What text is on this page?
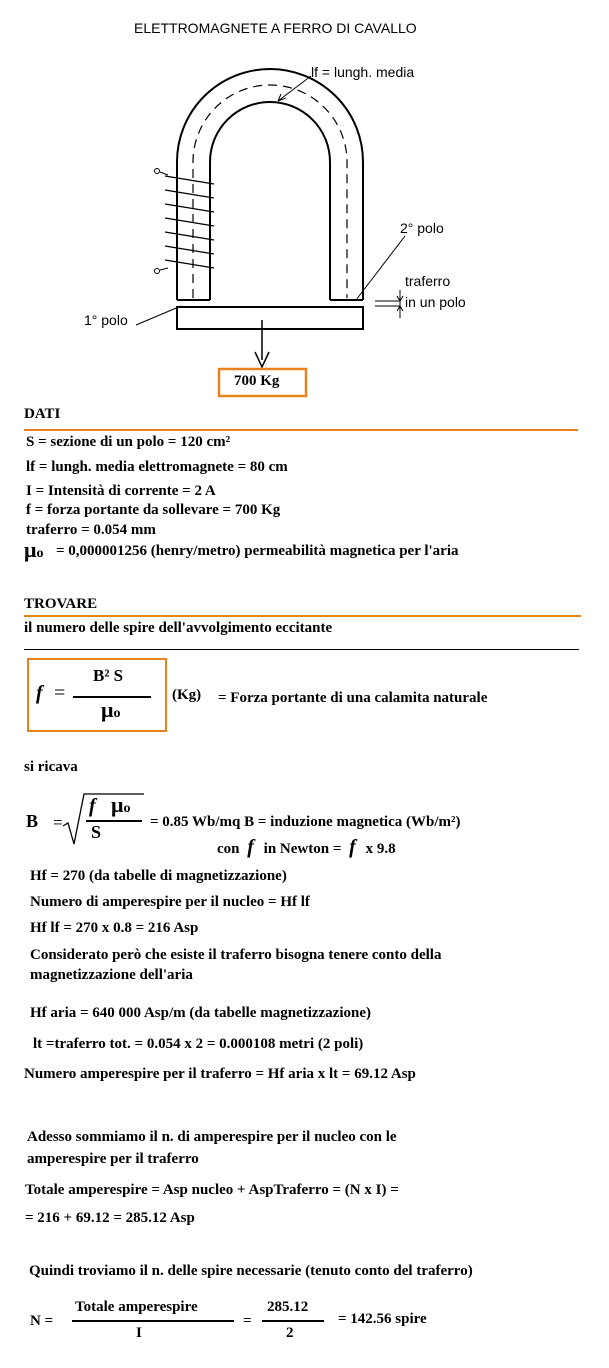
ELETTROMAGNETE A FERRO DI CAVALLO
lf = lungh. media
2° polo
traferro
in un polo
1° polo
700 Kg
DATI
S = sezione di un polo = 120 cm²
lf = lungh. media elettromagnete = 80 cm
I = Intensità di corrente = 2 A
f = forza portante da sollevare = 700 Kg
traferro = 0.054 mm
μo = 0,000001256 (henry/metro) permeabilità magnetica per l'aria
TROVARE
il numero delle spire dell'avvolgimento eccitante
f =
B² S
μo
(Kg) = Forza portante di una calamita naturale
si ricava
B =
f μo
S	= 0.85 Wb/mq B = induzione magnetica (Wb/m²)
con f in Newton = f x 9.8
Hf = 270 (da tabelle di magnetizzazione)
Numero di amperespire per il nucleo = Hf lf
Hf lf = 270 x 0.8 = 216 Asp
Considerato però che esiste il traferro bisogna tenere conto della
magnetizzazione dell'aria
Hf aria = 640 000 Asp/m (da tabelle magnetizzazione)
lt =traferro tot. = 0.054 x 2 = 0.000108 metri (2 poli)
Numero amperespire per il traferro = Hf aria x lt = 69.12 Asp
Adesso sommiamo il n. di amperespire per il nucleo con le
amperespire per il traferro
Totale amperespire = Asp nucleo + AspTraferro = (N x I) =
= 216 + 69.12 = 285.12 Asp
Quindi troviamo il n. delle spire necessarie (tenuto conto del traferro)
N =
Totale amperespire
I
=
285.12
2
= 142.56 spire
